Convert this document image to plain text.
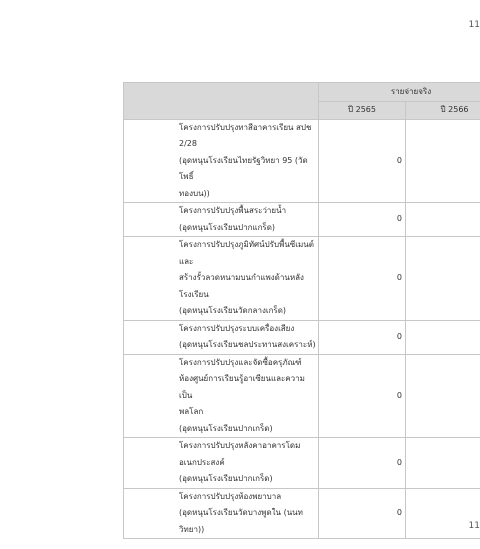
11
	รายจ่ายจริง	
	ปี 2565	ปี 2566

โครงการปรับปรุงทาสีอาคารเรียน สปช
2/28
(อุดหนุนโรงเรียนไทยรัฐวิทยา 95 (วัดโพธิ์
ทองบน))	0	

โครงการปรับปรุงพื้นสระว่ายน้ำ
(อุดหนุนโรงเรียนปากแกร็ด)	0	

โครงการปรับปรุงภูมิทัศน์ปรับพื้นซีเมนต์
และ
สร้างรั้วลวดหนามบนกำแพงด้านหลัง
โรงเรียน
(อุดหนุนโรงเรียนวัดกลางเกร็ด)	0	

โครงการปรับปรุงระบบเครื่องเสียง
(อุดหนุนโรงเรียนชลประทานสงเคราะห์)	0	

โครงการปรับปรุงและจัดซื้อครุภัณฑ์
ห้องศูนย์การเรียนรู้อาเซียนและความเป็น
พลโลก
(อุดหนุนโรงเรียนปากเกร็ด)	0	

โครงการปรับปรุงหลังคาอาคารโดม
อเนกประสงค์
(อุดหนุนโรงเรียนปากเกร็ด)	0	

โครงการปรับปรุงห้องพยาบาล
(อุดหนุนโรงเรียนวัดบางพูดใน (นนทวิทยา))	0	
11
